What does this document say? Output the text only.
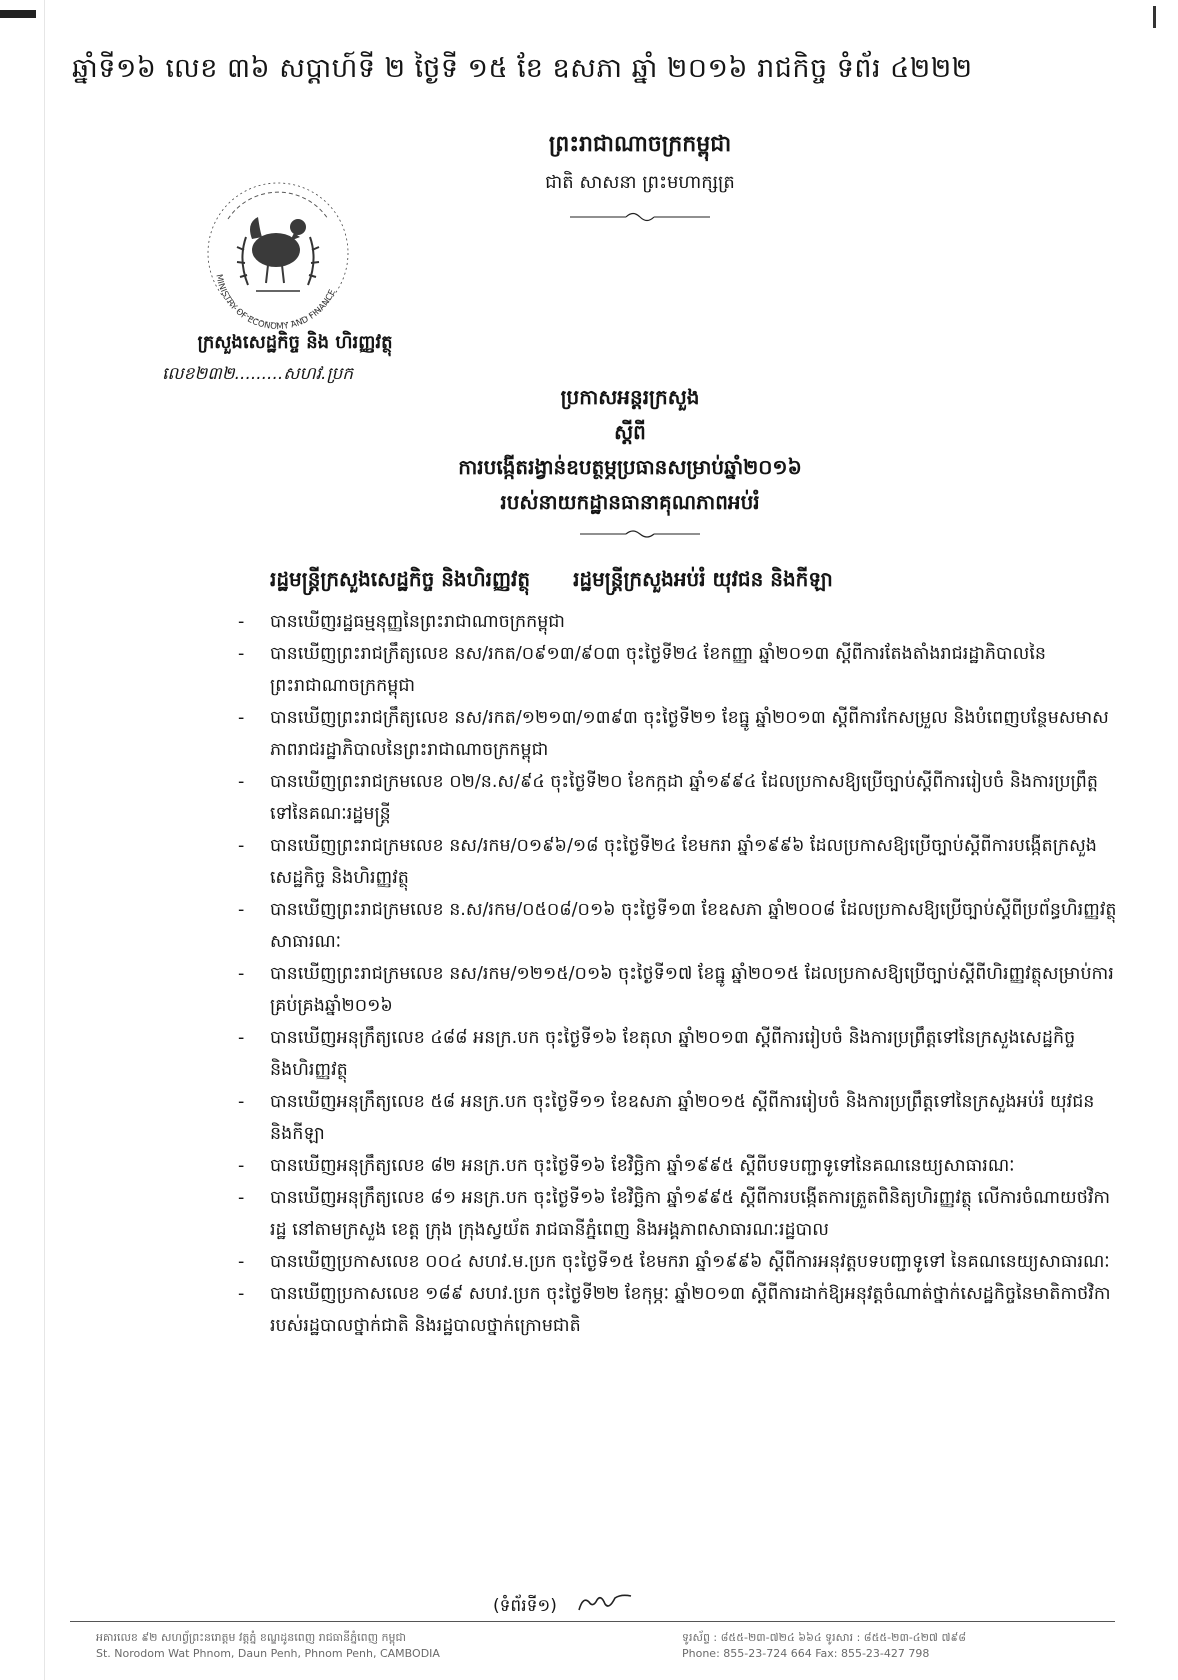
ឆ្នាំទី១៦ លេខ ៣៦ សប្តាហ៍ទី ២ ថ្ងៃទី ១៥ ខែ ឧសភា ឆ្នាំ ២០១៦ រាជកិច្ច ទំព័រ ៤២២២
ព្រះរាជាណាចក្រកម្ពុជា
ជាតិ សាសនា ព្រះមហាក្សត្រ
MINISTRY OF ECONOMY AND FINANCE
ក្រសួងសេដ្ឋកិច្ច និង ហិរញ្ញវត្ថុ
លេខ២៣២.........សហវ.ប្រក
ប្រកាសអន្តរក្រសួង
ស្តីពី
ការបង្កើតរង្វាន់ឧបត្ថម្ភប្រធានសម្រាប់ឆ្នាំ២០១៦
របស់នាយកដ្ឋានធានាគុណភាពអប់រំ
រដ្ឋមន្ត្រីក្រសួងសេដ្ឋកិច្ច និងហិរញ្ញវត្ថុ រដ្ឋមន្ត្រីក្រសួងអប់រំ យុវជន និងកីឡា
- បានឃើញរដ្ឋធម្មនុញ្ញនៃព្រះរាជាណាចក្រកម្ពុជា
- បានឃើញព្រះរាជក្រឹត្យលេខ នស/រកត/០៩១៣/៩០៣ ចុះថ្ងៃទី២៤ ខែកញ្ញា ឆ្នាំ២០១៣ ស្តីពីការតែងតាំងរាជរដ្ឋាភិបាលនៃព្រះរាជាណាចក្រកម្ពុជា
- បានឃើញព្រះរាជក្រឹត្យលេខ នស/រកត/១២១៣/១៣៩៣ ចុះថ្ងៃទី២១ ខែធ្នូ ឆ្នាំ២០១៣ ស្តីពីការកែសម្រួល និងបំពេញបន្ថែមសមាសភាពរាជរដ្ឋាភិបាលនៃព្រះរាជាណាចក្រកម្ពុជា
- បានឃើញព្រះរាជក្រមលេខ ០២/ន.ស/៩៤ ចុះថ្ងៃទី២០ ខែកក្កដា ឆ្នាំ១៩៩៤ ដែលប្រកាសឱ្យប្រើច្បាប់ស្តីពីការរៀបចំ និងការប្រព្រឹត្តទៅនៃគណៈរដ្ឋមន្ត្រី
- បានឃើញព្រះរាជក្រមលេខ នស/រកម/០១៩៦/១៨ ចុះថ្ងៃទី២៤ ខែមករា ឆ្នាំ១៩៩៦ ដែលប្រកាសឱ្យប្រើច្បាប់ស្តីពីការបង្កើតក្រសួងសេដ្ឋកិច្ច និងហិរញ្ញវត្ថុ
- បានឃើញព្រះរាជក្រមលេខ ន.ស/រកម/០៥០៨/០១៦ ចុះថ្ងៃទី១៣ ខែឧសភា ឆ្នាំ២០០៨ ដែលប្រកាសឱ្យប្រើច្បាប់ស្តីពីប្រព័ន្ធហិរញ្ញវត្ថុសាធារណៈ
- បានឃើញព្រះរាជក្រមលេខ នស/រកម/១២១៥/០១៦ ចុះថ្ងៃទី១៧ ខែធ្នូ ឆ្នាំ២០១៥ ដែលប្រកាសឱ្យប្រើច្បាប់ស្តីពីហិរញ្ញវត្ថុសម្រាប់ការគ្រប់គ្រងឆ្នាំ២០១៦
- បានឃើញអនុក្រឹត្យលេខ ៤៨៨ អនក្រ.បក ចុះថ្ងៃទី១៦ ខែតុលា ឆ្នាំ២០១៣ ស្តីពីការរៀបចំ និងការប្រព្រឹត្តទៅនៃក្រសួងសេដ្ឋកិច្ច និងហិរញ្ញវត្ថុ
- បានឃើញអនុក្រឹត្យលេខ ៥៨ អនក្រ.បក ចុះថ្ងៃទី១១ ខែឧសភា ឆ្នាំ២០១៥ ស្តីពីការរៀបចំ និងការប្រព្រឹត្តទៅនៃក្រសួងអប់រំ យុវជន និងកីឡា
- បានឃើញអនុក្រឹត្យលេខ ៨២ អនក្រ.បក ចុះថ្ងៃទី១៦ ខែវិច្ឆិកា ឆ្នាំ១៩៩៥ ស្តីពីបទបញ្ជាទូទៅនៃគណនេយ្យសាធារណៈ
- បានឃើញអនុក្រឹត្យលេខ ៨១ អនក្រ.បក ចុះថ្ងៃទី១៦ ខែវិច្ឆិកា ឆ្នាំ១៩៩៥ ស្តីពីការបង្កើតការត្រួតពិនិត្យហិរញ្ញវត្ថុ លើការចំណាយថវិការដ្ឋ នៅតាមក្រសួង ខេត្ត ក្រុង ក្រុងស្វយ័ត រាជធានីភ្នំពេញ និងអង្គភាពសាធារណៈរដ្ឋបាល
- បានឃើញប្រកាសលេខ ០០៤ សហវ.ម.ប្រក ចុះថ្ងៃទី១៥ ខែមករា ឆ្នាំ១៩៩៦ ស្តីពីការអនុវត្តបទបញ្ជាទូទៅ នៃគណនេយ្យសាធារណៈ
- បានឃើញប្រកាសលេខ ១៨៩ សហវ.ប្រក ចុះថ្ងៃទី២២ ខែកុម្ភៈ ឆ្នាំ២០១៣ ស្តីពីការដាក់ឱ្យអនុវត្តចំណាត់ថ្នាក់សេដ្ឋកិច្ចនៃមាតិកាថវិការបស់រដ្ឋបាលថ្នាក់ជាតិ និងរដ្ឋបាលថ្នាក់ក្រោមជាតិ
(ទំព័រទី១)
អគារលេខ ៩២ សហព្វ័ព្រះនរោត្តម វត្តភ្នំ ខណ្ឌដូនពេញ រាជធានីភ្នំពេញ កម្ពុជា
St. Norodom Wat Phnom, Daun Penh, Phnom Penh, CAMBODIA
ទូរស័ព្ទ : ៨៥៥-២៣-៧២៤ ៦៦៤ ទូរសារ : ៨៥៥-២៣-៤២៧ ៧៩៨
Phone: 855-23-724 664 Fax: 855-23-427 798
